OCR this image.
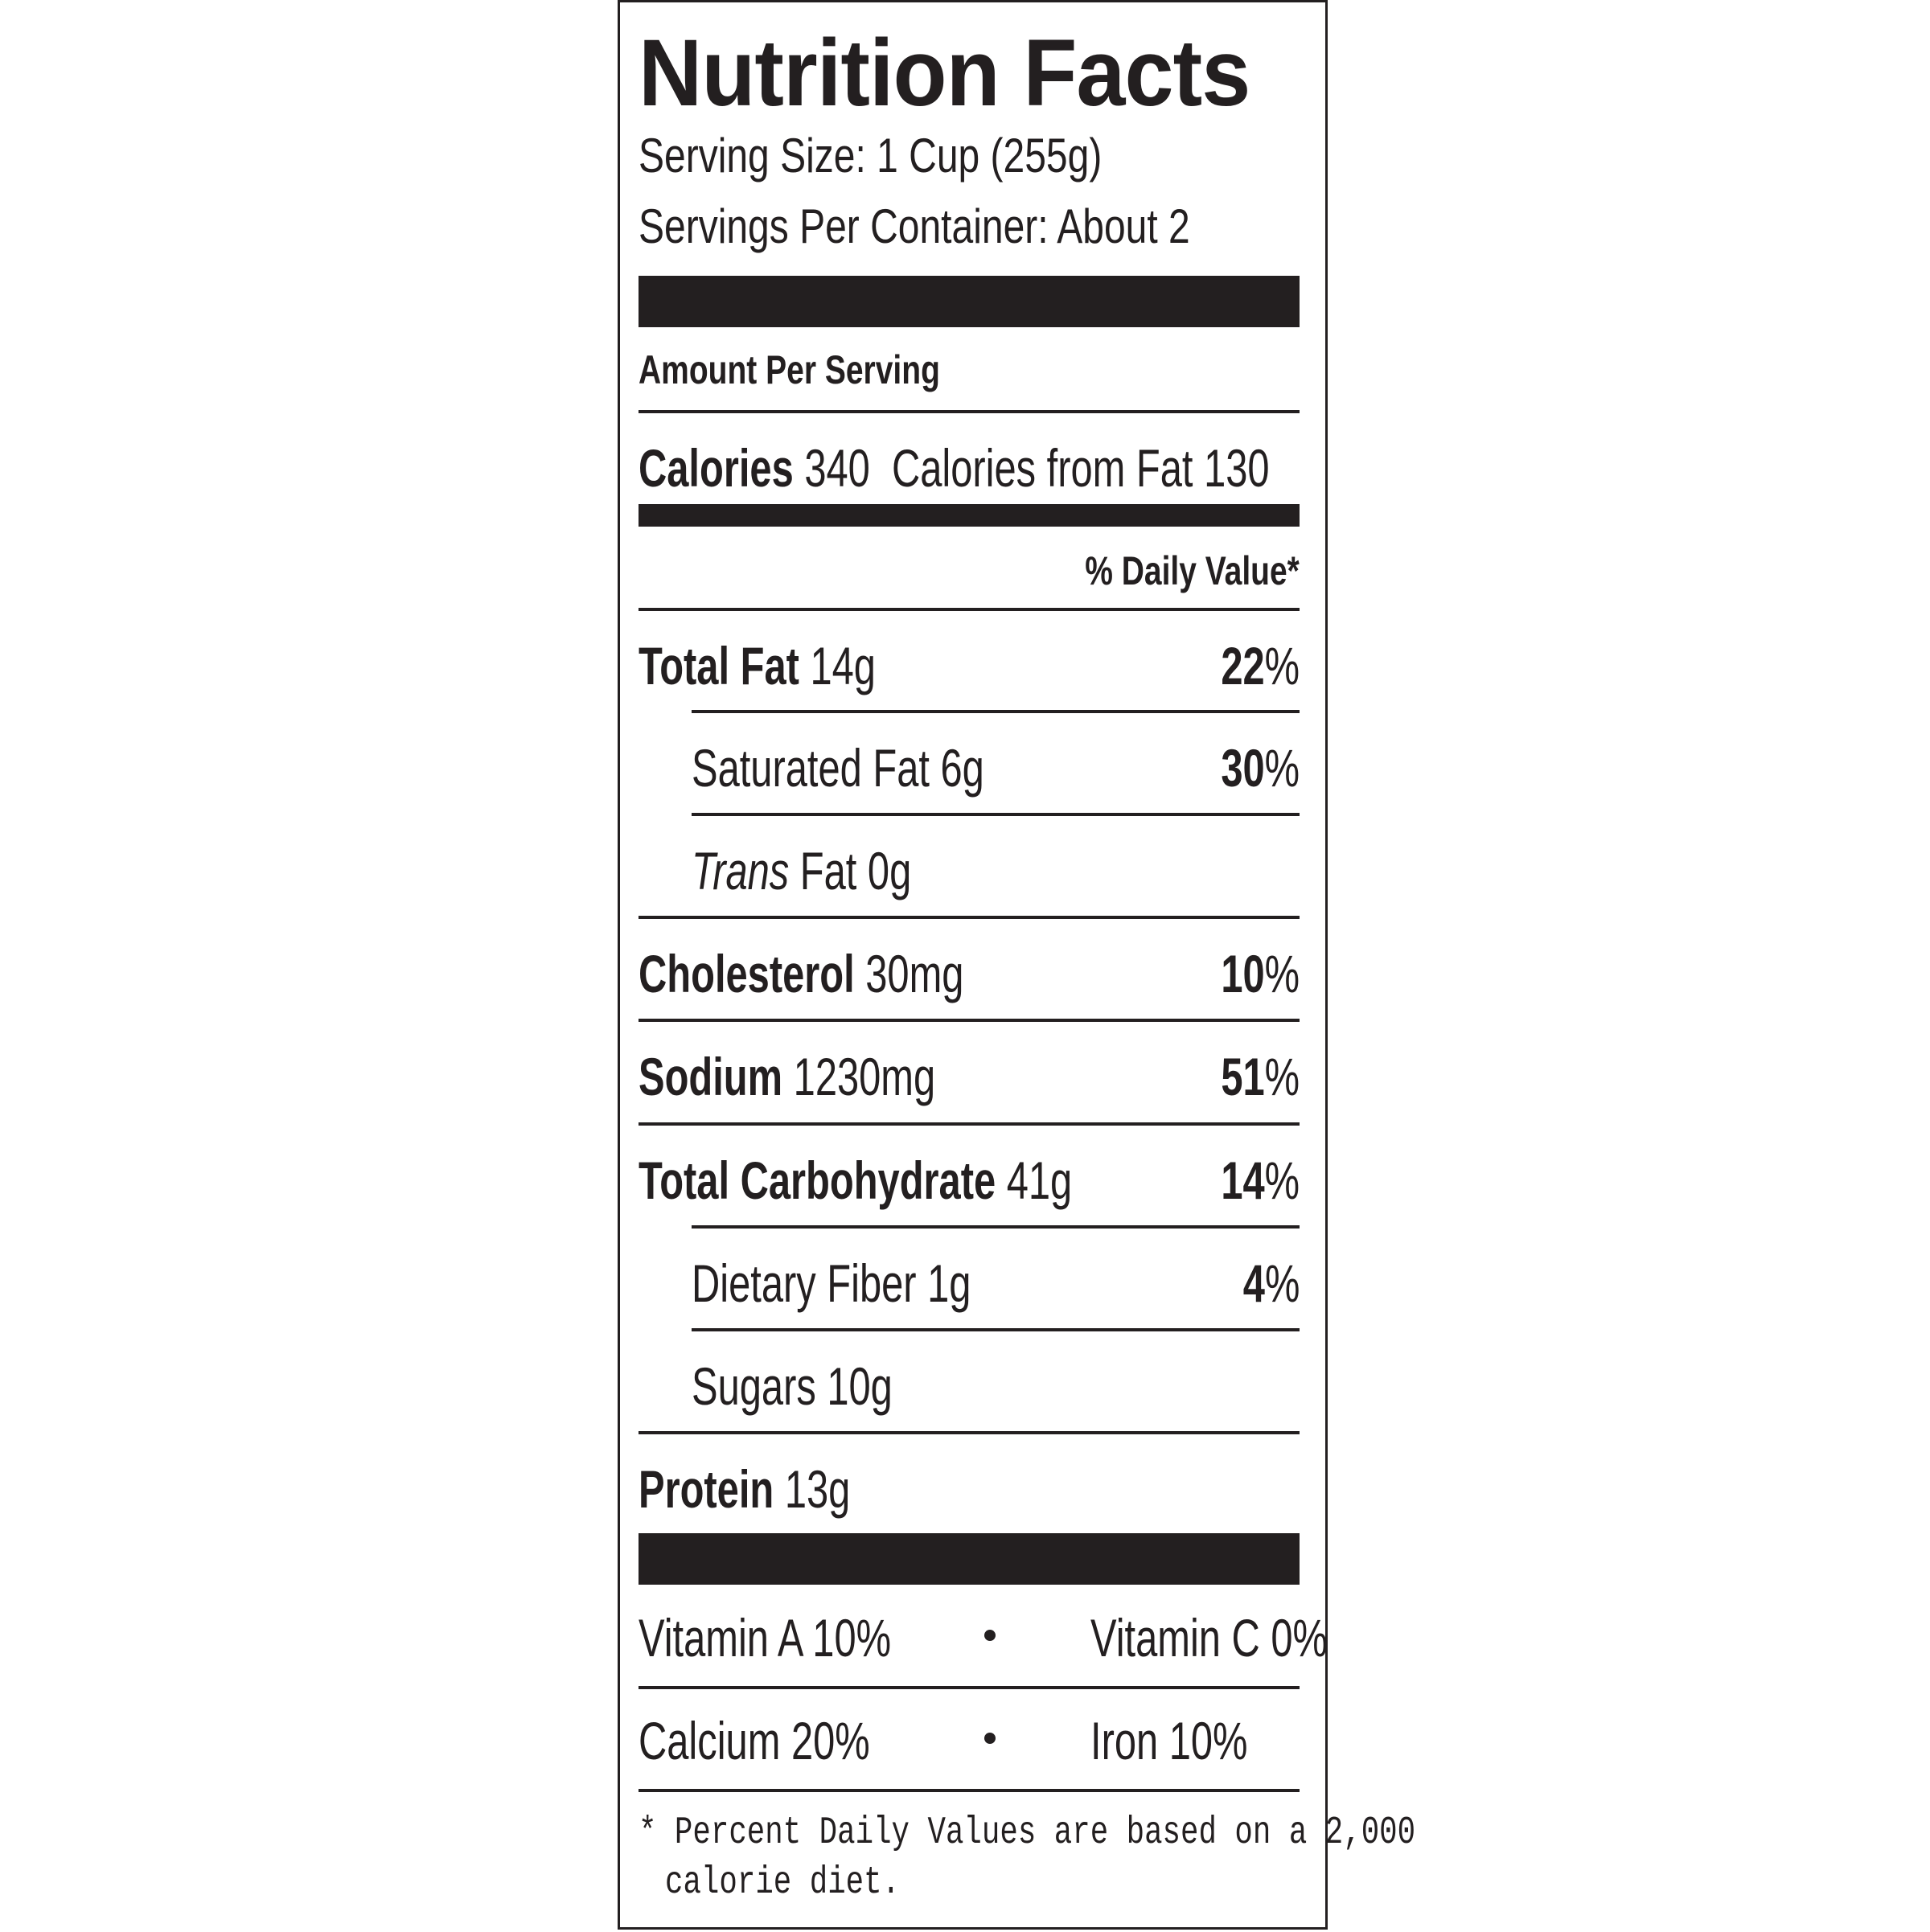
Nutrition Facts
Serving Size: 1 Cup (255g)
Servings Per Container: About 2
Amount Per Serving
Calories 340 Calories from Fat 130
% Daily Value*
Total Fat 14g	22%
Saturated Fat 6g	30%
Trans Fat 0g
Cholesterol 30mg	10%
Sodium 1230mg	51%
Total Carbohydrate 41g	14%
Dietary Fiber 1g	4%
Sugars 10g
Protein 13g
Vitamin A 10%	Vitamin C 0%
Calcium 20%	Iron 10%
* Percent Daily Values are based on a 2,000
calorie diet.
